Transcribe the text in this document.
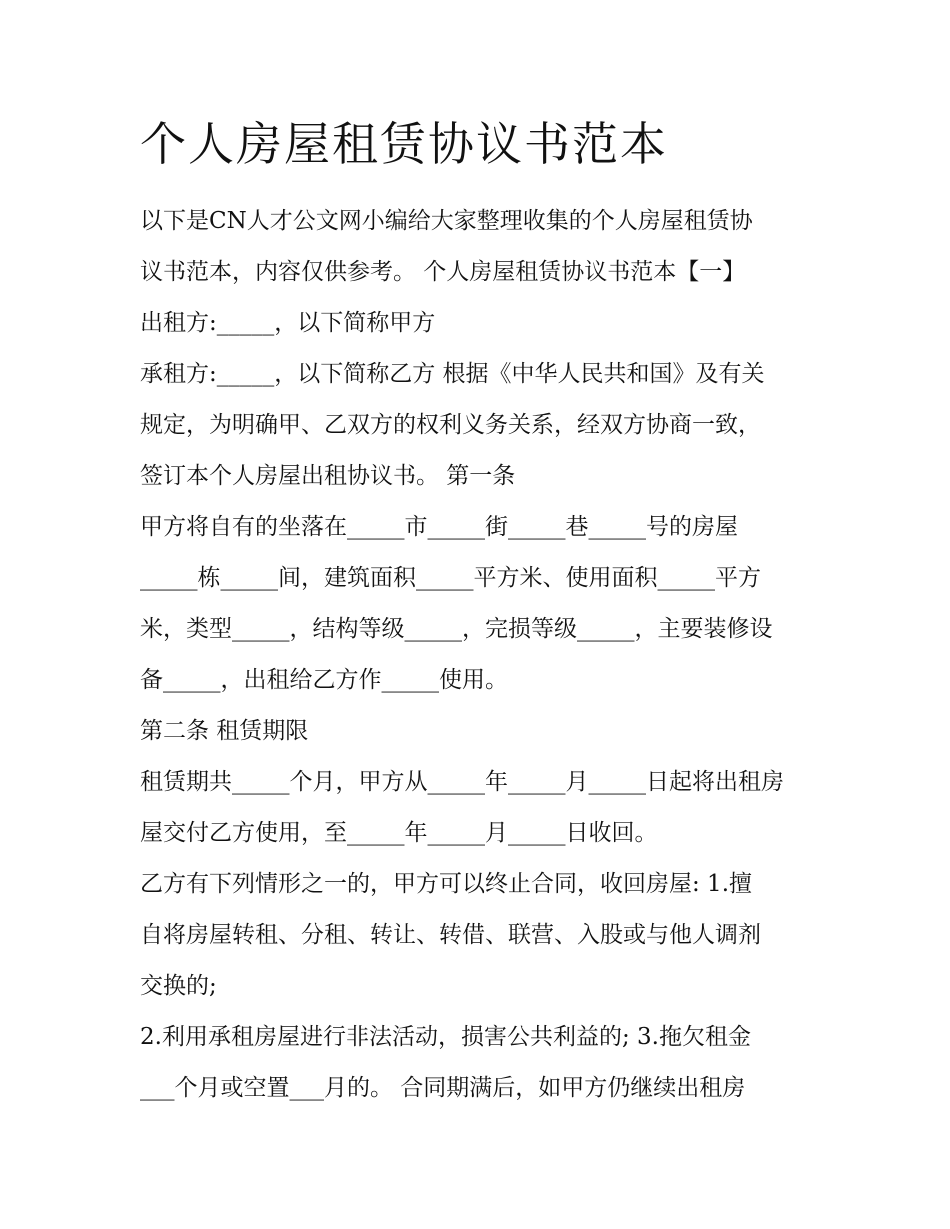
个人房屋租赁协议书范本
以下是CN人才公文网小编给大家整理收集的个人房屋租赁协
议书范本，内容仅供参考。 个人房屋租赁协议书范本【一】
出租方:_____，以下简称甲方
承租方:_____，以下简称乙方 根据《中华人民共和国》及有关
规定，为明确甲、乙双方的权利义务关系，经双方协商一致，
签订本个人房屋出租协议书。 第一条
甲方将自有的坐落在_____市_____街_____巷_____号的房屋
_____栋_____间，建筑面积_____平方米、使用面积_____平方
米，类型_____，结构等级_____，完损等级_____，主要装修设
备_____，出租给乙方作_____使用。
第二条 租赁期限
租赁期共_____个月，甲方从_____年_____月_____日起将出租房
屋交付乙方使用，至_____年_____月_____日收回。
乙方有下列情形之一的，甲方可以终止合同，收回房屋: 1.擅
自将房屋转租、分租、转让、转借、联营、入股或与他人调剂
交换的;
2.利用承租房屋进行非法活动，损害公共利益的; 3.拖欠租金
___个月或空置___月的。 合同期满后，如甲方仍继续出租房
